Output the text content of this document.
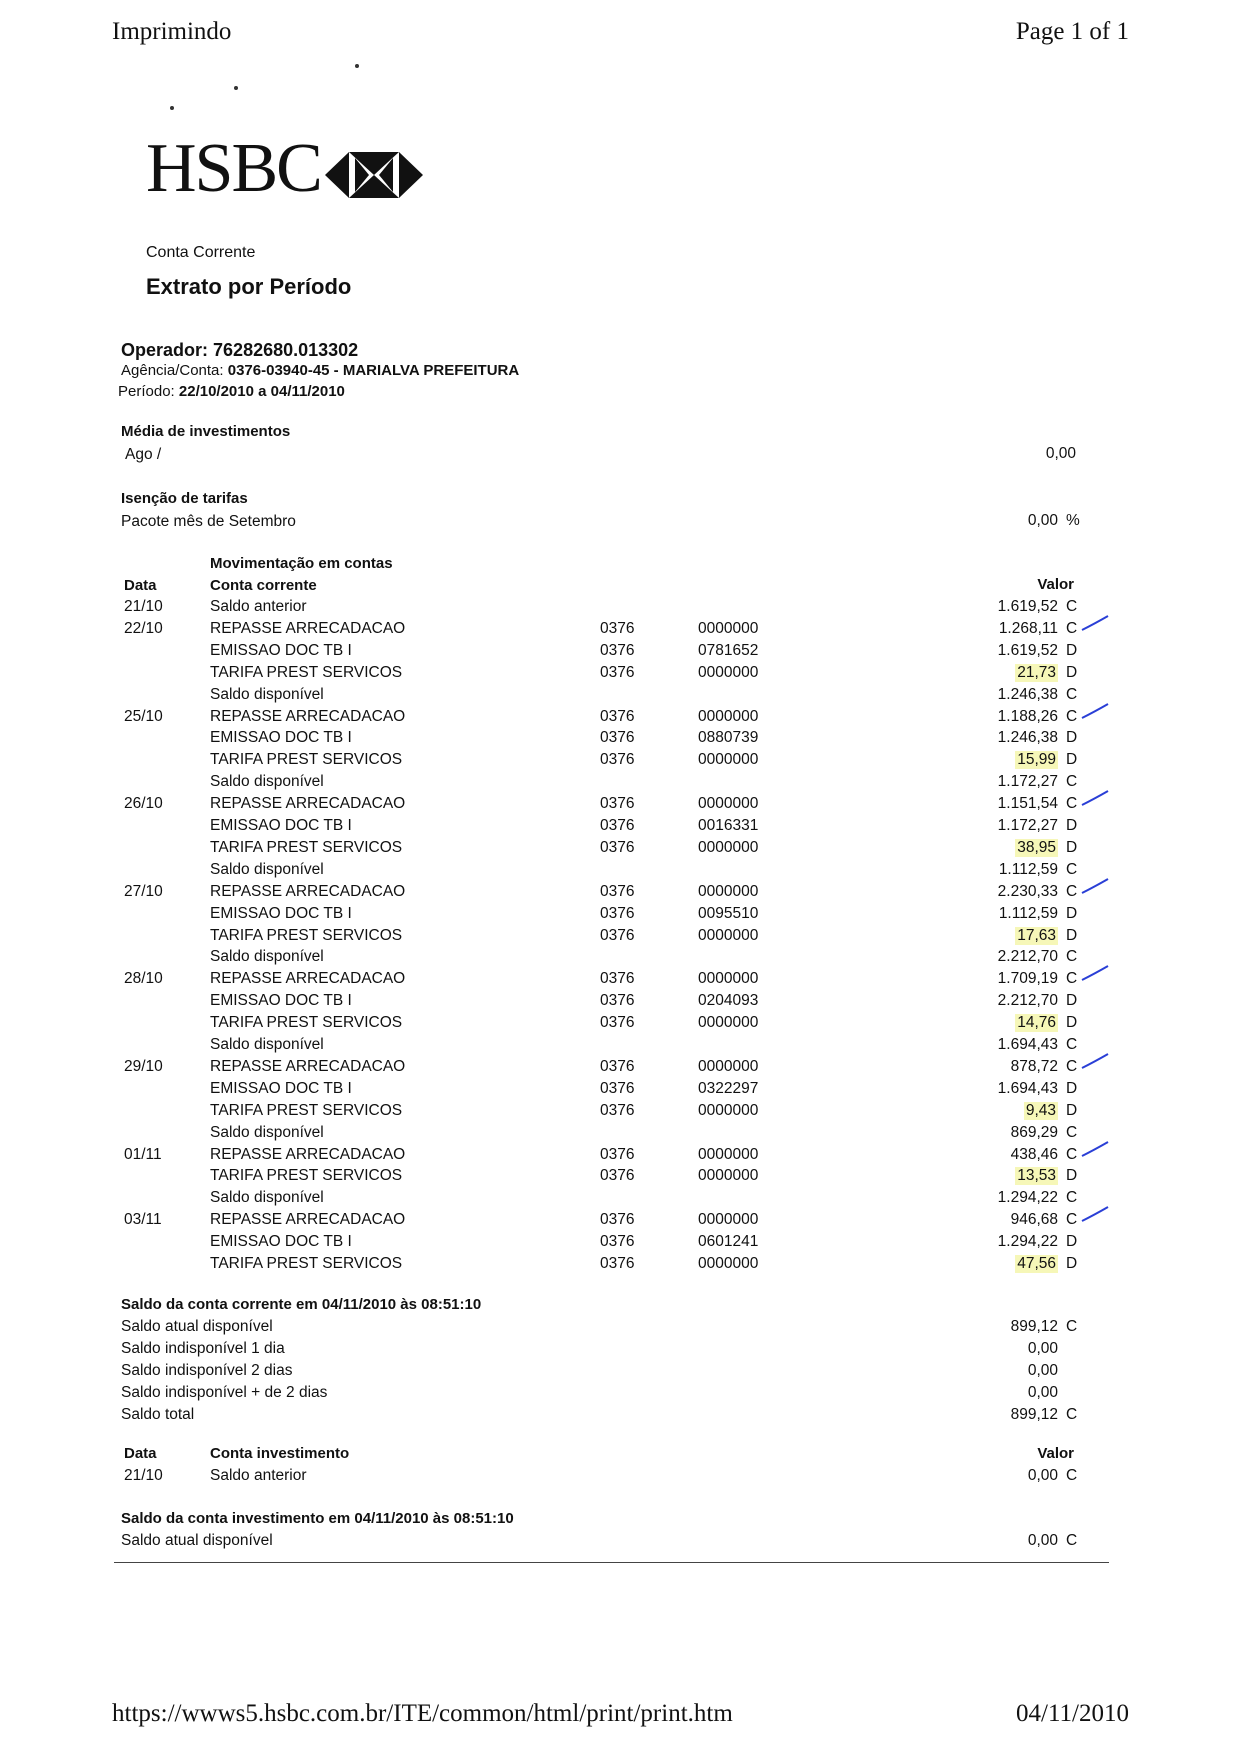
Imprimindo	Page 1 of 1
HSBC
Conta Corrente
Extrato por Período
Operador: 76282680.013302
Agência/Conta: 0376-03940-45 - MARIALVA PREFEITURA
Período: 22/10/2010 a 04/11/2010
Média de investimentos
Ago /	0,00
Isenção de tarifas
Pacote mês de Setembro	0,00 %
Movimentação em contas
Data	Conta corrente	Valor
21/10	Saldo anterior	1.619,52 C
22/10	REPASSE ARRECADACAO	0376	0000000	1.268,11 C
EMISSAO DOC TB I	0376	0781652	1.619,52 D
TARIFA PREST SERVICOS	0376	0000000	21,73 D
Saldo disponível	1.246,38 C
25/10	REPASSE ARRECADACAO	0376	0000000	1.188,26 C
EMISSAO DOC TB I	0376	0880739	1.246,38 D
TARIFA PREST SERVICOS	0376	0000000	15,99 D
Saldo disponível	1.172,27 C
26/10	REPASSE ARRECADACAO	0376	0000000	1.151,54 C
EMISSAO DOC TB I	0376	0016331	1.172,27 D
TARIFA PREST SERVICOS	0376	0000000	38,95 D
Saldo disponível	1.112,59 C
27/10	REPASSE ARRECADACAO	0376	0000000	2.230,33 C
EMISSAO DOC TB I	0376	0095510	1.112,59 D
TARIFA PREST SERVICOS	0376	0000000	17,63 D
Saldo disponível	2.212,70 C
28/10	REPASSE ARRECADACAO	0376	0000000	1.709,19 C
EMISSAO DOC TB I	0376	0204093	2.212,70 D
TARIFA PREST SERVICOS	0376	0000000	14,76 D
Saldo disponível	1.694,43 C
29/10	REPASSE ARRECADACAO	0376	0000000	878,72 C
EMISSAO DOC TB I	0376	0322297	1.694,43 D
TARIFA PREST SERVICOS	0376	0000000	9,43 D
Saldo disponível	869,29 C
01/11	REPASSE ARRECADACAO	0376	0000000	438,46 C
TARIFA PREST SERVICOS	0376	0000000	13,53 D
Saldo disponível	1.294,22 C
03/11	REPASSE ARRECADACAO	0376	0000000	946,68 C
EMISSAO DOC TB I	0376	0601241	1.294,22 D
TARIFA PREST SERVICOS	0376	0000000	47,56 D
Saldo da conta corrente em 04/11/2010 às 08:51:10
Saldo atual disponível	899,12 C
Saldo indisponível 1 dia	0,00
Saldo indisponível 2 dias	0,00
Saldo indisponível + de 2 dias	0,00
Saldo total	899,12 C
Data	Conta investimento	Valor
21/10	Saldo anterior	0,00 C
Saldo da conta investimento em 04/11/2010 às 08:51:10
Saldo atual disponível	0,00 C
https://wwws5.hsbc.com.br/ITE/common/html/print/print.htm	04/11/2010
